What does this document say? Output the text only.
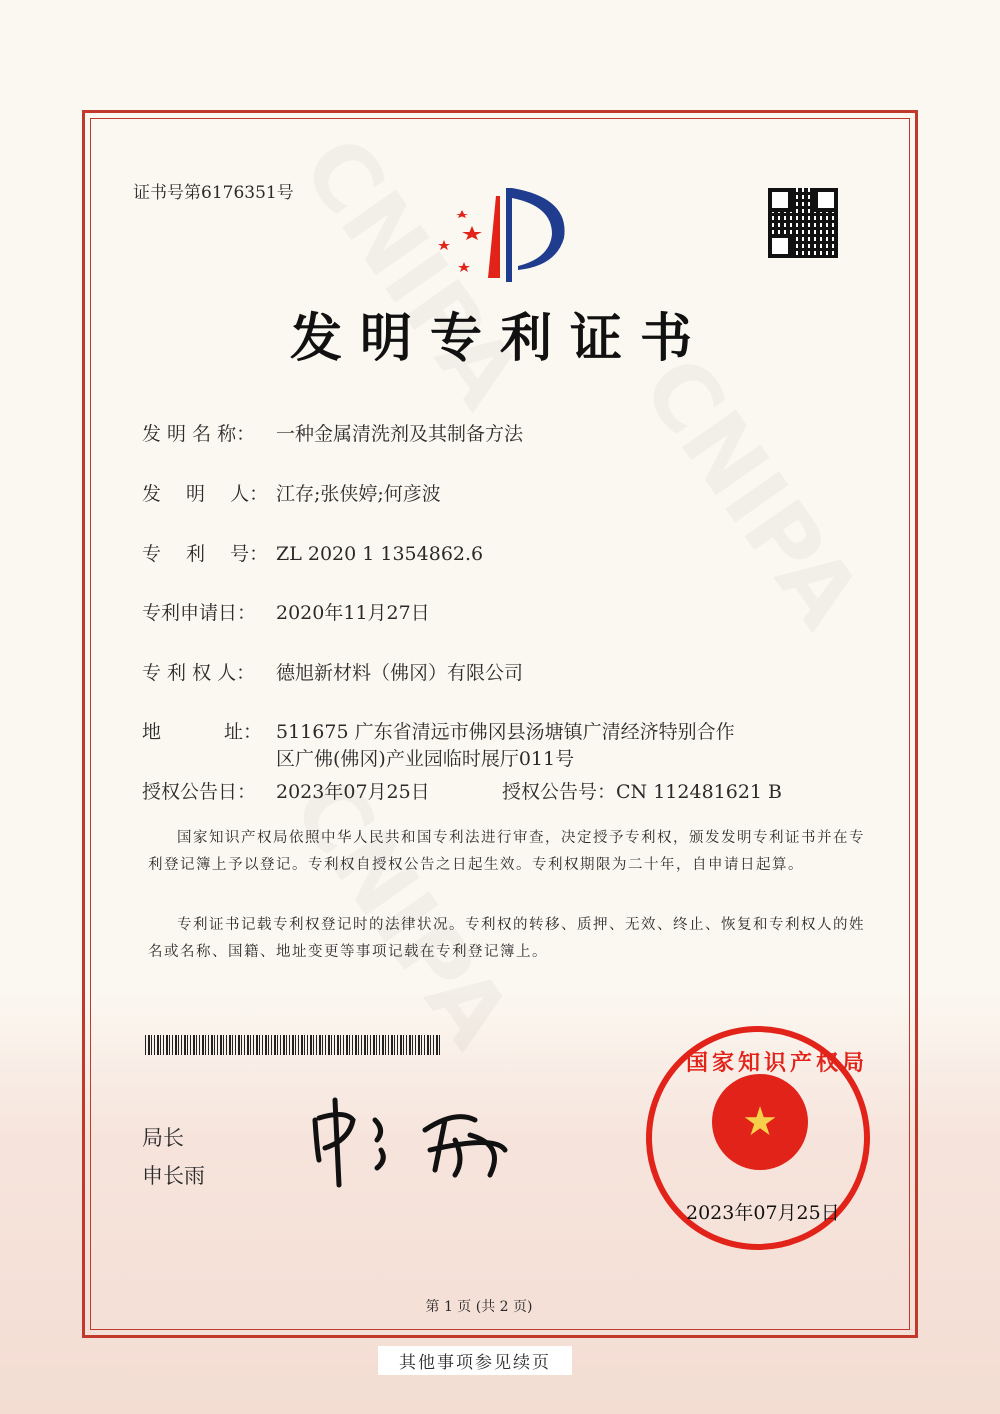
证书号第6176351号
发明专利证书
发 明 名 称： 一种金属清洗剂及其制备方法
发　 明　 人： 江存;张侠婷;何彦波
专　 利　 号： ZL 2020 1 1354862.6
专利申请日： 2020年11月27日
专 利 权 人： 德旭新材料（佛冈）有限公司
地　　　 址： 511675 广东省清远市佛冈县汤塘镇广清经济特别合作
区广佛(佛冈)产业园临时展厅011号
授权公告日： 2023年07月25日	授权公告号：CN 112481621 B
国家知识产权局依照中华人民共和国专利法进行审查，决定授予专利权，颁发发明专利证书并在专利登记簿上予以登记。专利权自授权公告之日起生效。专利权期限为二十年，自申请日起算。
专利证书记载专利权登记时的法律状况。专利权的转移、质押、无效、终止、恢复和专利权人的姓名或名称、国籍、地址变更等事项记载在专利登记簿上。
局长
申长雨
★
国家知识产权局
2023年07月25日
第 1 页 (共 2 页)
其他事项参见续页
